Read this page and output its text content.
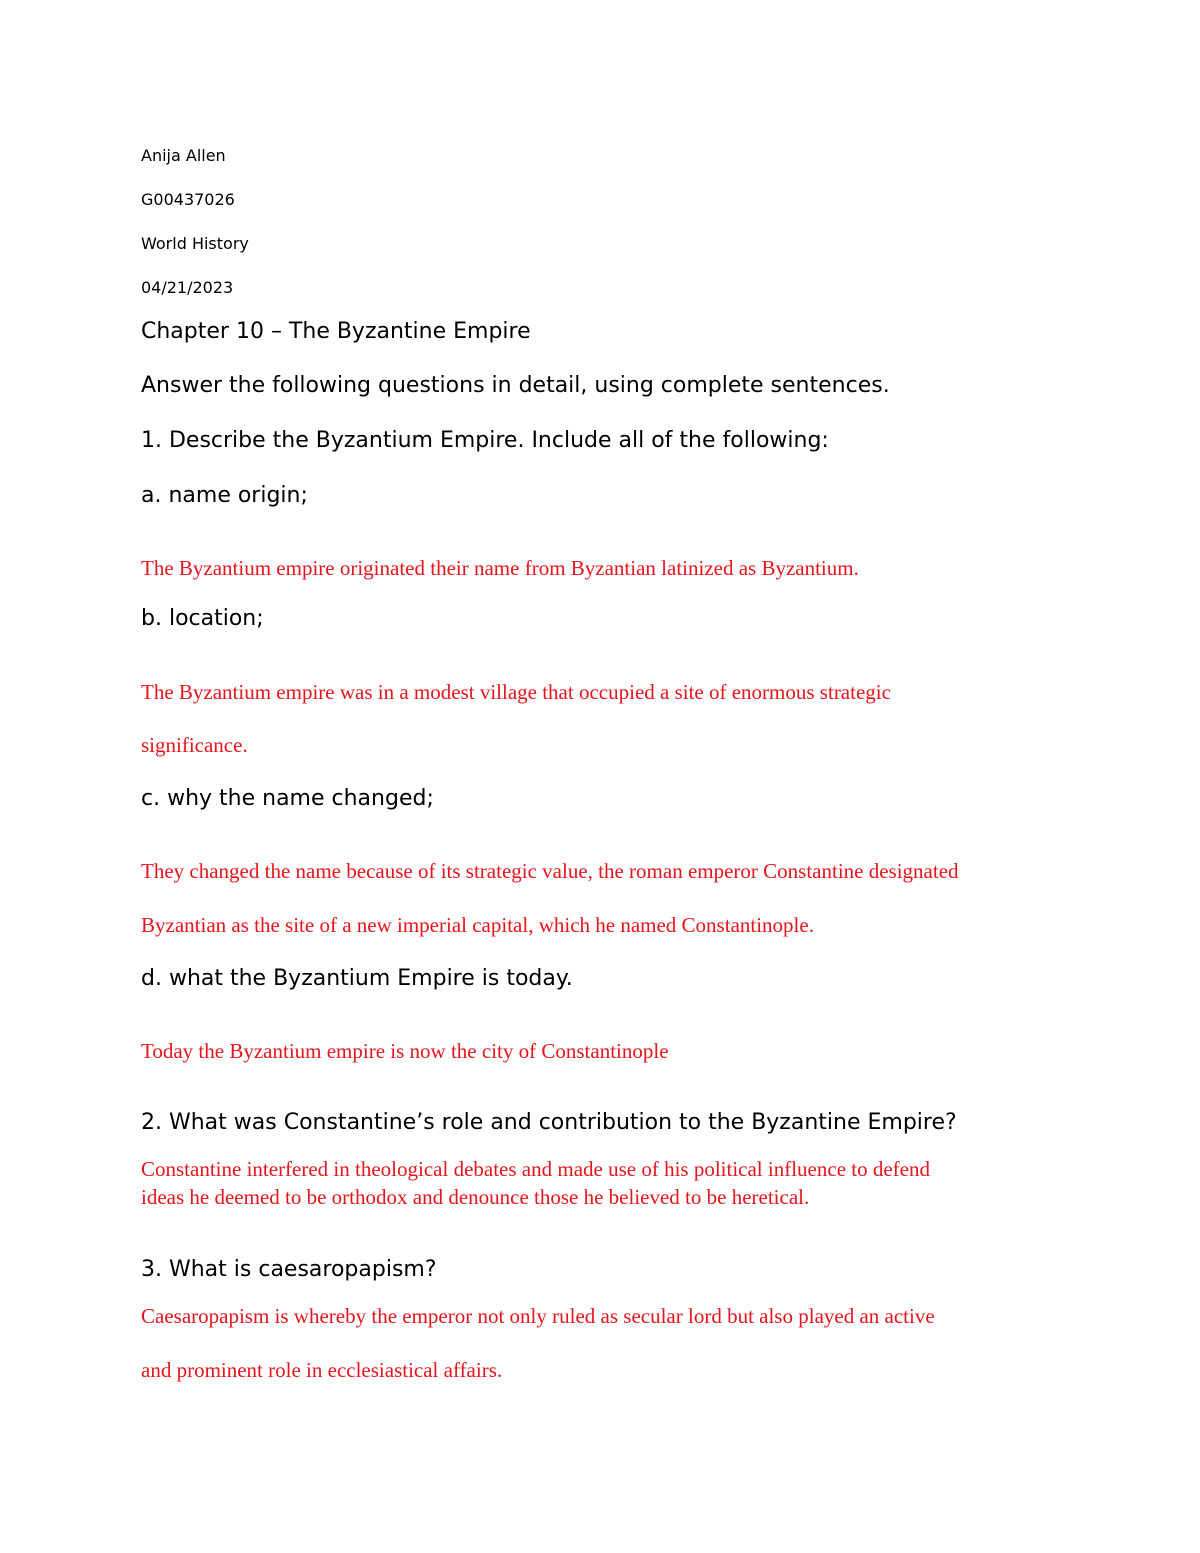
Anija Allen

G00437026

World History

04/21/2023

Chapter 10 – The Byzantine Empire

Answer the following questions in detail, using complete sentences.

1. Describe the Byzantium Empire. Include all of the following:

a. name origin;

The Byzantium empire originated their name from Byzantian latinized as Byzantium.

b. location;

The Byzantium empire was in a modest village that occupied a site of enormous strategic

significance.

c. why the name changed;

They changed the name because of its strategic value, the roman emperor Constantine designated

Byzantian as the site of a new imperial capital, which he named Constantinople.

d. what the Byzantium Empire is today.

Today the Byzantium empire is now the city of Constantinople

2. What was Constantine’s role and contribution to the Byzantine Empire?

Constantine interfered in theological debates and made use of his political influence to defend

ideas he deemed to be orthodox and denounce those he believed to be heretical.

3. What is caesaropapism?

Caesaropapism is whereby the emperor not only ruled as secular lord but also played an active

and prominent role in ecclesiastical affairs.
